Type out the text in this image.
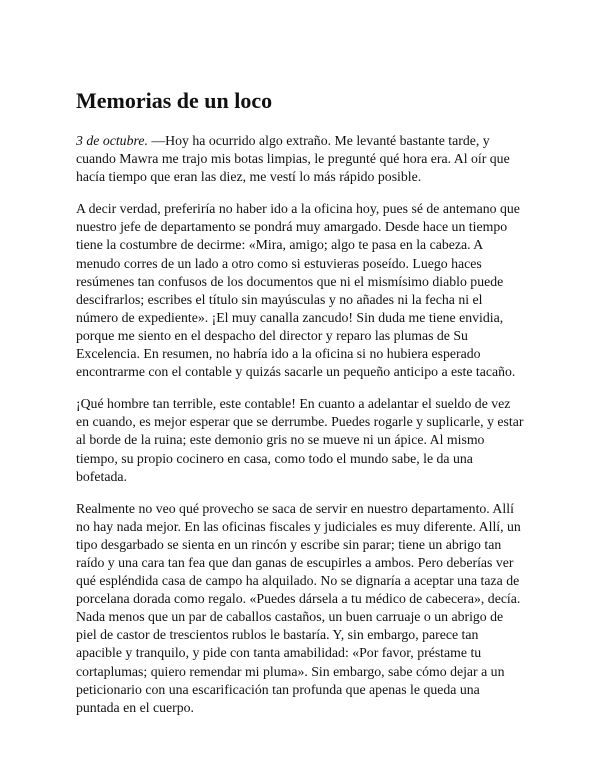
Memorias de un loco

3 de octubre. —Hoy ha ocurrido algo extraño. Me levanté bastante tarde, y cuando Mawra me trajo mis botas limpias, le pregunté qué hora era. Al oír que hacía tiempo que eran las diez, me vestí lo más rápido posible.

A decir verdad, preferiría no haber ido a la oficina hoy, pues sé de antemano que nuestro jefe de departamento se pondrá muy amargado. Desde hace un tiempo tiene la costumbre de decirme: «Mira, amigo; algo te pasa en la cabeza. A menudo corres de un lado a otro como si estuvieras poseído. Luego haces resúmenes tan confusos de los documentos que ni el mismísimo diablo puede descifrarlos; escribes el título sin mayúsculas y no añades ni la fecha ni el número de expediente». ¡El muy canalla zancudo! Sin duda me tiene envidia, porque me siento en el despacho del director y reparo las plumas de Su Excelencia. En resumen, no habría ido a la oficina si no hubiera esperado encontrarme con el contable y quizás sacarle un pequeño anticipo a este tacaño.

¡Qué hombre tan terrible, este contable! En cuanto a adelantar el sueldo de vez en cuando, es mejor esperar que se derrumbe. Puedes rogarle y suplicarle, y estar al borde de la ruina; este demonio gris no se mueve ni un ápice. Al mismo tiempo, su propio cocinero en casa, como todo el mundo sabe, le da una bofetada.

Realmente no veo qué provecho se saca de servir en nuestro departamento. Allí no hay nada mejor. En las oficinas fiscales y judiciales es muy diferente. Allí, un tipo desgarbado se sienta en un rincón y escribe sin parar; tiene un abrigo tan raído y una cara tan fea que dan ganas de escupirles a ambos. Pero deberías ver qué espléndida casa de campo ha alquilado. No se dignaría a aceptar una taza de porcelana dorada como regalo. «Puedes dársela a tu médico de cabecera», decía. Nada menos que un par de caballos castaños, un buen carruaje o un abrigo de piel de castor de trescientos rublos le bastaría. Y, sin embargo, parece tan apacible y tranquilo, y pide con tanta amabilidad: «Por favor, préstame tu cortaplumas; quiero remendar mi pluma». Sin embargo, sabe cómo dejar a un peticionario con una escarificación tan profunda que apenas le queda una puntada en el cuerpo.
